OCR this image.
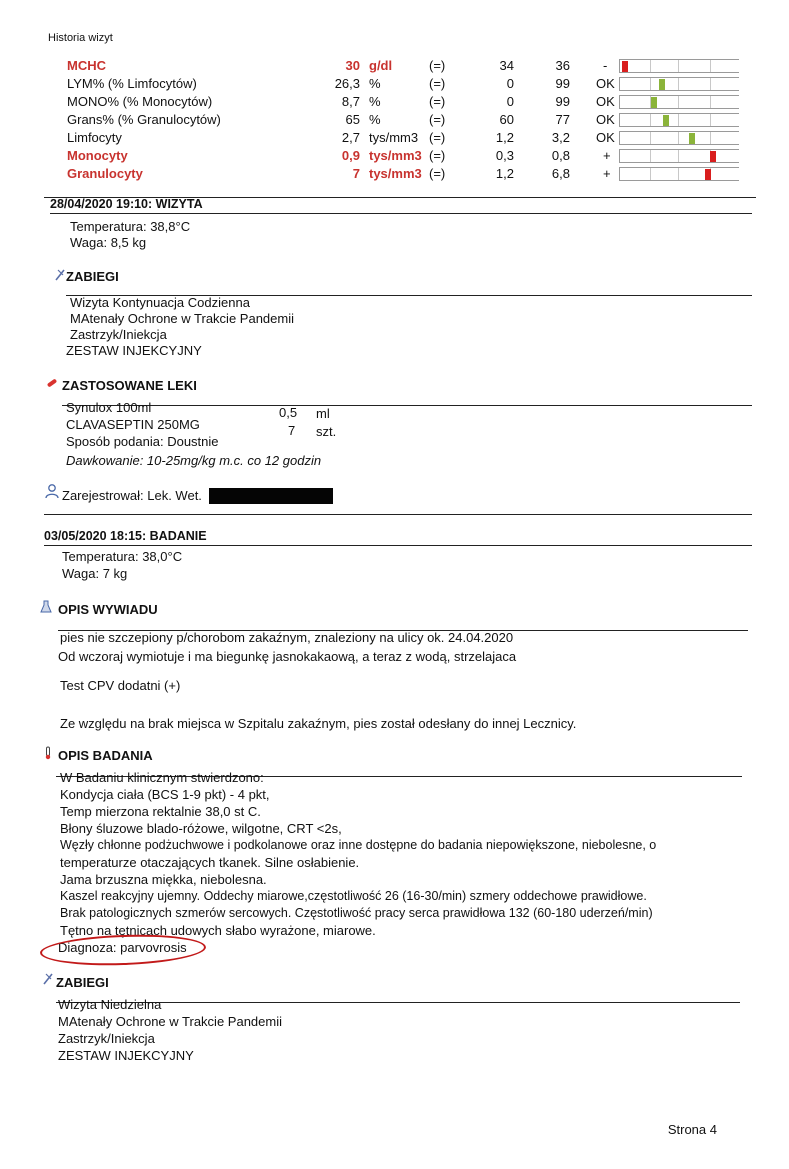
Historia wizyt
MCHC	30 g/dl	(=)	34	36	-
LYM% (% Limfocytów)	26,3 %	(=)	0	99 OK
MONO% (% Monocytów)	8,7 %	(=)	0	99 OK
Grans% (% Granulocytów)	65 %	(=)	60	77 OK
Limfocyty	2,7 tys/mm3 (=)	1,2	3,2 OK
Monocyty	0,9 tys/mm3 (=)	0,3	0,8	+
Granulocyty	7 tys/mm3 (=)	1,2	6,8	+
28/04/2020 19:10: WIZYTA
Temperatura: 38,8°C
Waga: 8,5 kg
ZABIEGI
Wizyta Kontynuacja Codzienna
MAtenały Ochrone w Trakcie Pandemii
Zastrzyk/Iniekcja
ZESTAW INJEKCYJNY
ZASTOSOWANE LEKI
Synulox 100ml	0,5 ml
CLAVASEPTIN 250MG	7 szt.
Sposób podania: Doustnie
Dawkowanie: 10-25mg/kg m.c. co 12 godzin
Zarejestrował: Lek. Wet.
03/05/2020 18:15: BADANIE
Temperatura: 38,0°C
Waga: 7 kg
OPIS WYWIADU
pies nie szczepiony p/chorobom zakaźnym, znaleziony na ulicy ok. 24.04.2020
Od wczoraj wymiotuje i ma biegunkę jasnokakaową, a teraz z wodą, strzelajaca
Test CPV dodatni (+)
Ze względu na brak miejsca w Szpitalu zakaźnym, pies został odesłany do innej Lecznicy.
OPIS BADANIA
W Badaniu klinicznym stwierdzono:
Kondycja ciała (BCS 1-9 pkt) - 4 pkt,
Temp mierzona rektalnie 38,0 st C.
Błony śluzowe blado-różowe, wilgotne, CRT <2s,
Węzły chłonne podżuchwowe i podkolanowe oraz inne dostępne do badania niepowiększone, niebolesne, o
temperaturze otaczających tkanek. Silne osłabienie.
Jama brzuszna miękka, niebolesna.
Kaszel reakcyjny ujemny. Oddechy miarowe,częstotliwość 26 (16-30/min) szmery oddechowe prawidłowe.
Brak patologicznych szmerów sercowych. Częstotliwość pracy serca prawidłowa 132 (60-180 uderzeń/min)
Tętno na tętnicach udowych słabo wyrażone, miarowe.
Diagnoza: parvovrosis
ZABIEGI
Wizyta Niedzielna
MAtenały Ochrone w Trakcie Pandemii
Zastrzyk/Iniekcja
ZESTAW INJEKCYJNY
Strona 4
